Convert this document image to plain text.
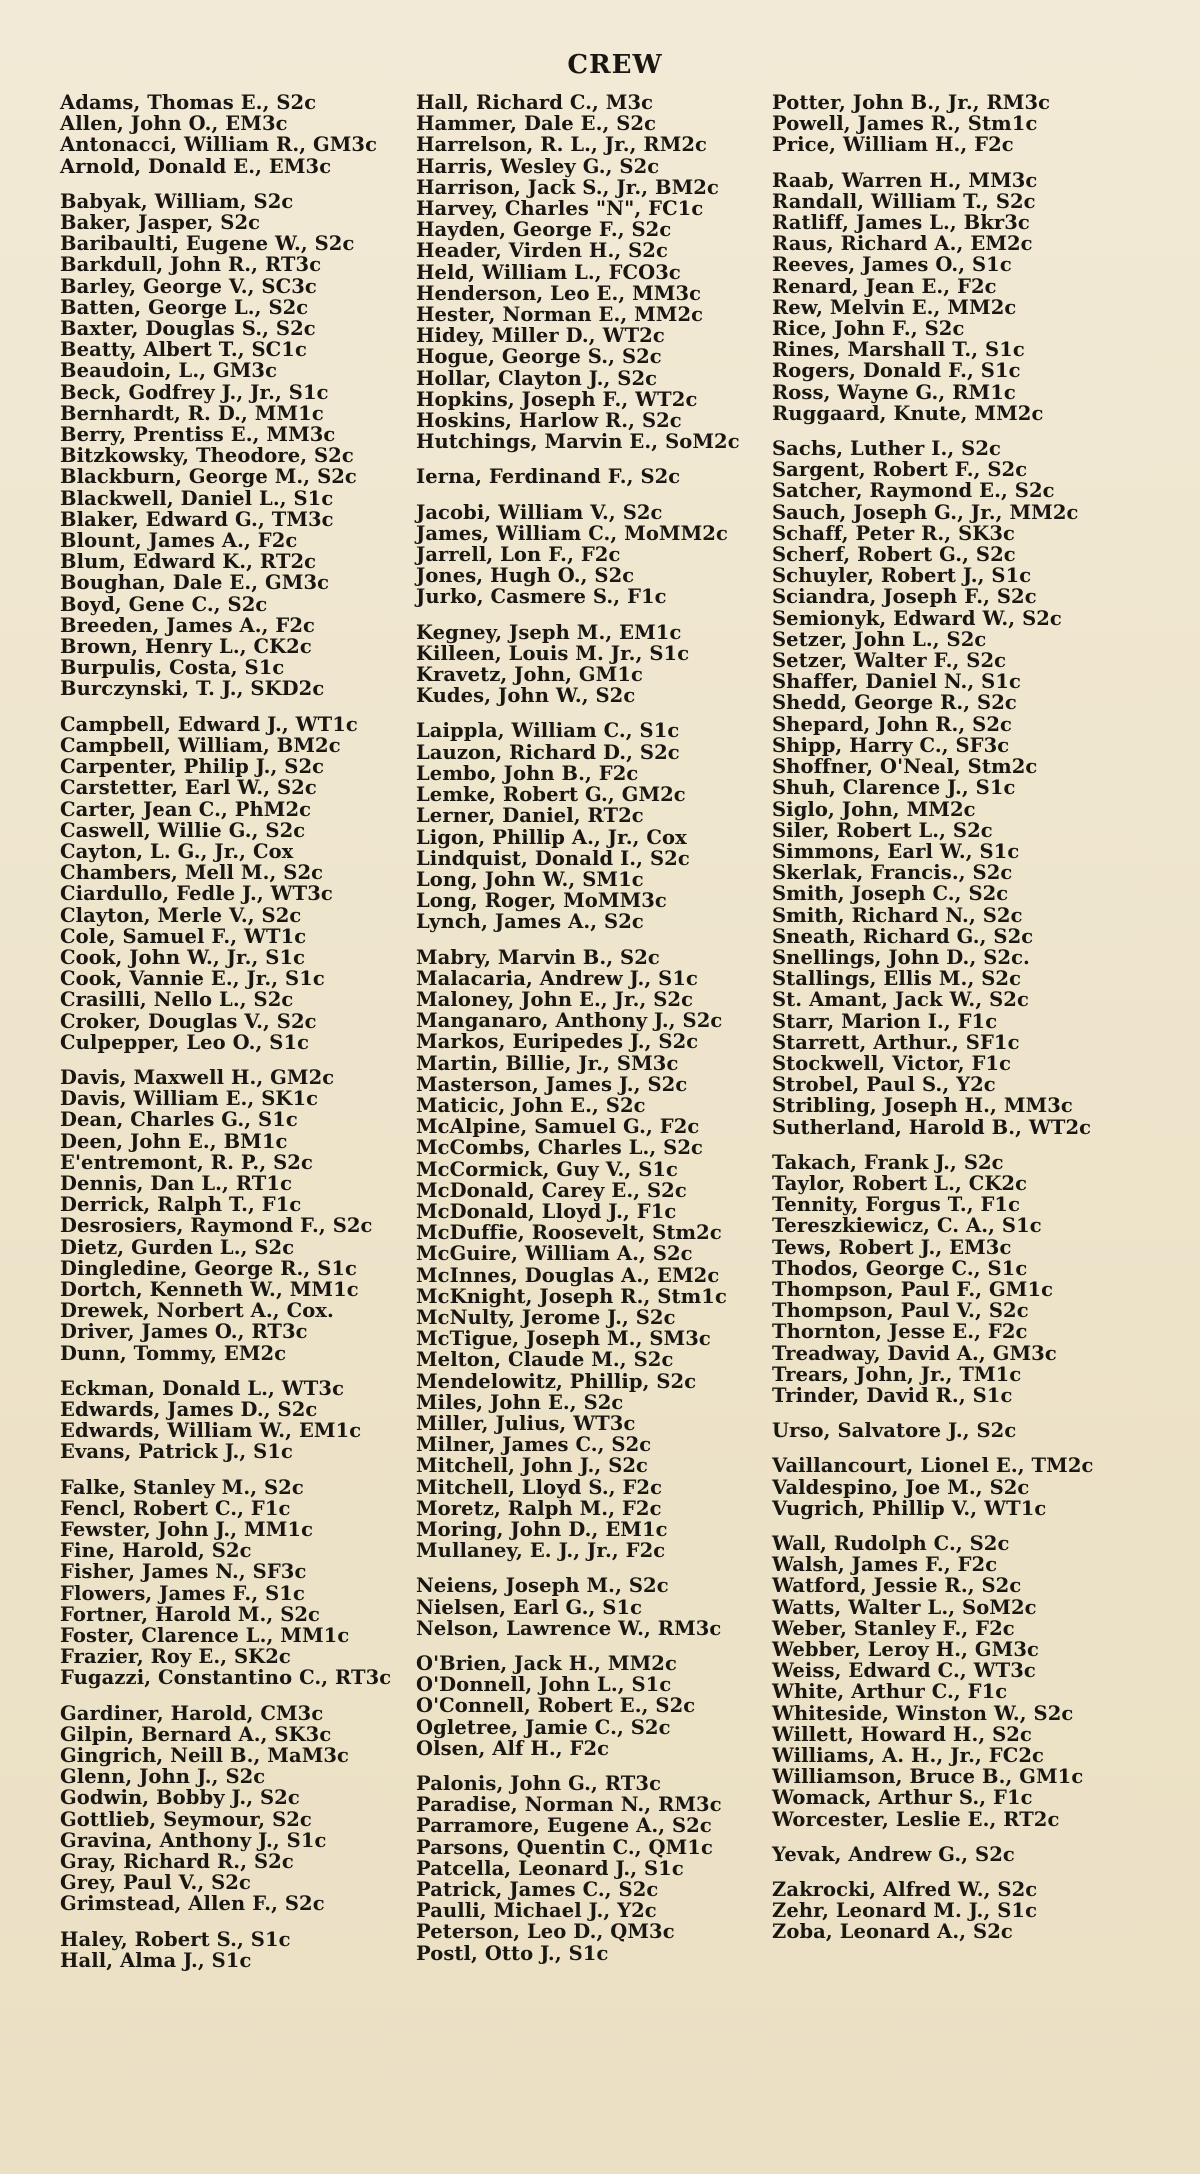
CREW
Adams, Thomas E., S2c
Allen, John O., EM3c
Antonacci, William R., GM3c
Arnold, Donald E., EM3c
Babyak, William, S2c
Baker, Jasper, S2c
Baribaulti, Eugene W., S2c
Barkdull, John R., RT3c
Barley, George V., SC3c
Batten, George L., S2c
Baxter, Douglas S., S2c
Beatty, Albert T., SC1c
Beaudoin, L., GM3c
Beck, Godfrey J., Jr., S1c
Bernhardt, R. D., MM1c
Berry, Prentiss E., MM3c
Bitzkowsky, Theodore, S2c
Blackburn, George M., S2c
Blackwell, Daniel L., S1c
Blaker, Edward G., TM3c
Blount, James A., F2c
Blum, Edward K., RT2c
Boughan, Dale E., GM3c
Boyd, Gene C., S2c
Breeden, James A., F2c
Brown, Henry L., CK2c
Burpulis, Costa, S1c
Burczynski, T. J., SKD2c
Campbell, Edward J., WT1c
Campbell, William, BM2c
Carpenter, Philip J., S2c
Carstetter, Earl W., S2c
Carter, Jean C., PhM2c
Caswell, Willie G., S2c
Cayton, L. G., Jr., Cox
Chambers, Mell M., S2c
Ciardullo, Fedle J., WT3c
Clayton, Merle V., S2c
Cole, Samuel F., WT1c
Cook, John W., Jr., S1c
Cook, Vannie E., Jr., S1c
Crasilli, Nello L., S2c
Croker, Douglas V., S2c
Culpepper, Leo O., S1c
Davis, Maxwell H., GM2c
Davis, William E., SK1c
Dean, Charles G., S1c
Deen, John E., BM1c
E'entremont, R. P., S2c
Dennis, Dan L., RT1c
Derrick, Ralph T., F1c
Desrosiers, Raymond F., S2c
Dietz, Gurden L., S2c
Dingledine, George R., S1c
Dortch, Kenneth W., MM1c
Drewek, Norbert A., Cox.
Driver, James O., RT3c
Dunn, Tommy, EM2c
Eckman, Donald L., WT3c
Edwards, James D., S2c
Edwards, William W., EM1c
Evans, Patrick J., S1c
Falke, Stanley M., S2c
Fencl, Robert C., F1c
Fewster, John J., MM1c
Fine, Harold, S2c
Fisher, James N., SF3c
Flowers, James F., S1c
Fortner, Harold M., S2c
Foster, Clarence L., MM1c
Frazier, Roy E., SK2c
Fugazzi, Constantino C., RT3c
Gardiner, Harold, CM3c
Gilpin, Bernard A., SK3c
Gingrich, Neill B., MaM3c
Glenn, John J., S2c
Godwin, Bobby J., S2c
Gottlieb, Seymour, S2c
Gravina, Anthony J., S1c
Gray, Richard R., S2c
Grey, Paul V., S2c
Grimstead, Allen F., S2c
Haley, Robert S., S1c
Hall, Alma J., S1c
Hall, Richard C., M3c
Hammer, Dale E., S2c
Harrelson, R. L., Jr., RM2c
Harris, Wesley G., S2c
Harrison, Jack S., Jr., BM2c
Harvey, Charles "N", FC1c
Hayden, George F., S2c
Header, Virden H., S2c
Held, William L., FCO3c
Henderson, Leo E., MM3c
Hester, Norman E., MM2c
Hidey, Miller D., WT2c
Hogue, George S., S2c
Hollar, Clayton J., S2c
Hopkins, Joseph F., WT2c
Hoskins, Harlow R., S2c
Hutchings, Marvin E., SoM2c
Ierna, Ferdinand F., S2c
Jacobi, William V., S2c
James, William C., MoMM2c
Jarrell, Lon F., F2c
Jones, Hugh O., S2c
Jurko, Casmere S., F1c
Kegney, Jseph M., EM1c
Killeen, Louis M. Jr., S1c
Kravetz, John, GM1c
Kudes, John W., S2c
Laippla, William C., S1c
Lauzon, Richard D., S2c
Lembo, John B., F2c
Lemke, Robert G., GM2c
Lerner, Daniel, RT2c
Ligon, Phillip A., Jr., Cox
Lindquist, Donald I., S2c
Long, John W., SM1c
Long, Roger, MoMM3c
Lynch, James A., S2c
Mabry, Marvin B., S2c
Malacaria, Andrew J., S1c
Maloney, John E., Jr., S2c
Manganaro, Anthony J., S2c
Markos, Euripedes J., S2c
Martin, Billie, Jr., SM3c
Masterson, James J., S2c
Maticic, John E., S2c
McAlpine, Samuel G., F2c
McCombs, Charles L., S2c
McCormick, Guy V., S1c
McDonald, Carey E., S2c
McDonald, Lloyd J., F1c
McDuffie, Roosevelt, Stm2c
McGuire, William A., S2c
McInnes, Douglas A., EM2c
McKnight, Joseph R., Stm1c
McNulty, Jerome J., S2c
McTigue, Joseph M., SM3c
Melton, Claude M., S2c
Mendelowitz, Phillip, S2c
Miles, John E., S2c
Miller, Julius, WT3c
Milner, James C., S2c
Mitchell, John J., S2c
Mitchell, Lloyd S., F2c
Moretz, Ralph M., F2c
Moring, John D., EM1c
Mullaney, E. J., Jr., F2c
Neiens, Joseph M., S2c
Nielsen, Earl G., S1c
Nelson, Lawrence W., RM3c
O'Brien, Jack H., MM2c
O'Donnell, John L., S1c
O'Connell, Robert E., S2c
Ogletree, Jamie C., S2c
Olsen, Alf H., F2c
Palonis, John G., RT3c
Paradise, Norman N., RM3c
Parramore, Eugene A., S2c
Parsons, Quentin C., QM1c
Patcella, Leonard J., S1c
Patrick, James C., S2c
Paulli, Michael J., Y2c
Peterson, Leo D., QM3c
Postl, Otto J., S1c
Potter, John B., Jr., RM3c
Powell, James R., Stm1c
Price, William H., F2c
Raab, Warren H., MM3c
Randall, William T., S2c
Ratliff, James L., Bkr3c
Raus, Richard A., EM2c
Reeves, James O., S1c
Renard, Jean E., F2c
Rew, Melvin E., MM2c
Rice, John F., S2c
Rines, Marshall T., S1c
Rogers, Donald F., S1c
Ross, Wayne G., RM1c
Ruggaard, Knute, MM2c
Sachs, Luther I., S2c
Sargent, Robert F., S2c
Satcher, Raymond E., S2c
Sauch, Joseph G., Jr., MM2c
Schaff, Peter R., SK3c
Scherf, Robert G., S2c
Schuyler, Robert J., S1c
Sciandra, Joseph F., S2c
Semionyk, Edward W., S2c
Setzer, John L., S2c
Setzer, Walter F., S2c
Shaffer, Daniel N., S1c
Shedd, George R., S2c
Shepard, John R., S2c
Shipp, Harry C., SF3c
Shoffner, O'Neal, Stm2c
Shuh, Clarence J., S1c
Siglo, John, MM2c
Siler, Robert L., S2c
Simmons, Earl W., S1c
Skerlak, Francis., S2c
Smith, Joseph C., S2c
Smith, Richard N., S2c
Sneath, Richard G., S2c
Snellings, John D., S2c.
Stallings, Ellis M., S2c
St. Amant, Jack W., S2c
Starr, Marion I., F1c
Starrett, Arthur., SF1c
Stockwell, Victor, F1c
Strobel, Paul S., Y2c
Stribling, Joseph H., MM3c
Sutherland, Harold B., WT2c
Takach, Frank J., S2c
Taylor, Robert L., CK2c
Tennity, Forgus T., F1c
Tereszkiewicz, C. A., S1c
Tews, Robert J., EM3c
Thodos, George C., S1c
Thompson, Paul F., GM1c
Thompson, Paul V., S2c
Thornton, Jesse E., F2c
Treadway, David A., GM3c
Trears, John, Jr., TM1c
Trinder, David R., S1c
Urso, Salvatore J., S2c
Vaillancourt, Lionel E., TM2c
Valdespino, Joe M., S2c
Vugrich, Phillip V., WT1c
Wall, Rudolph C., S2c
Walsh, James F., F2c
Watford, Jessie R., S2c
Watts, Walter L., SoM2c
Weber, Stanley F., F2c
Webber, Leroy H., GM3c
Weiss, Edward C., WT3c
White, Arthur C., F1c
Whiteside, Winston W., S2c
Willett, Howard H., S2c
Williams, A. H., Jr., FC2c
Williamson, Bruce B., GM1c
Womack, Arthur S., F1c
Worcester, Leslie E., RT2c
Yevak, Andrew G., S2c
Zakrocki, Alfred W., S2c
Zehr, Leonard M. J., S1c
Zoba, Leonard A., S2c
